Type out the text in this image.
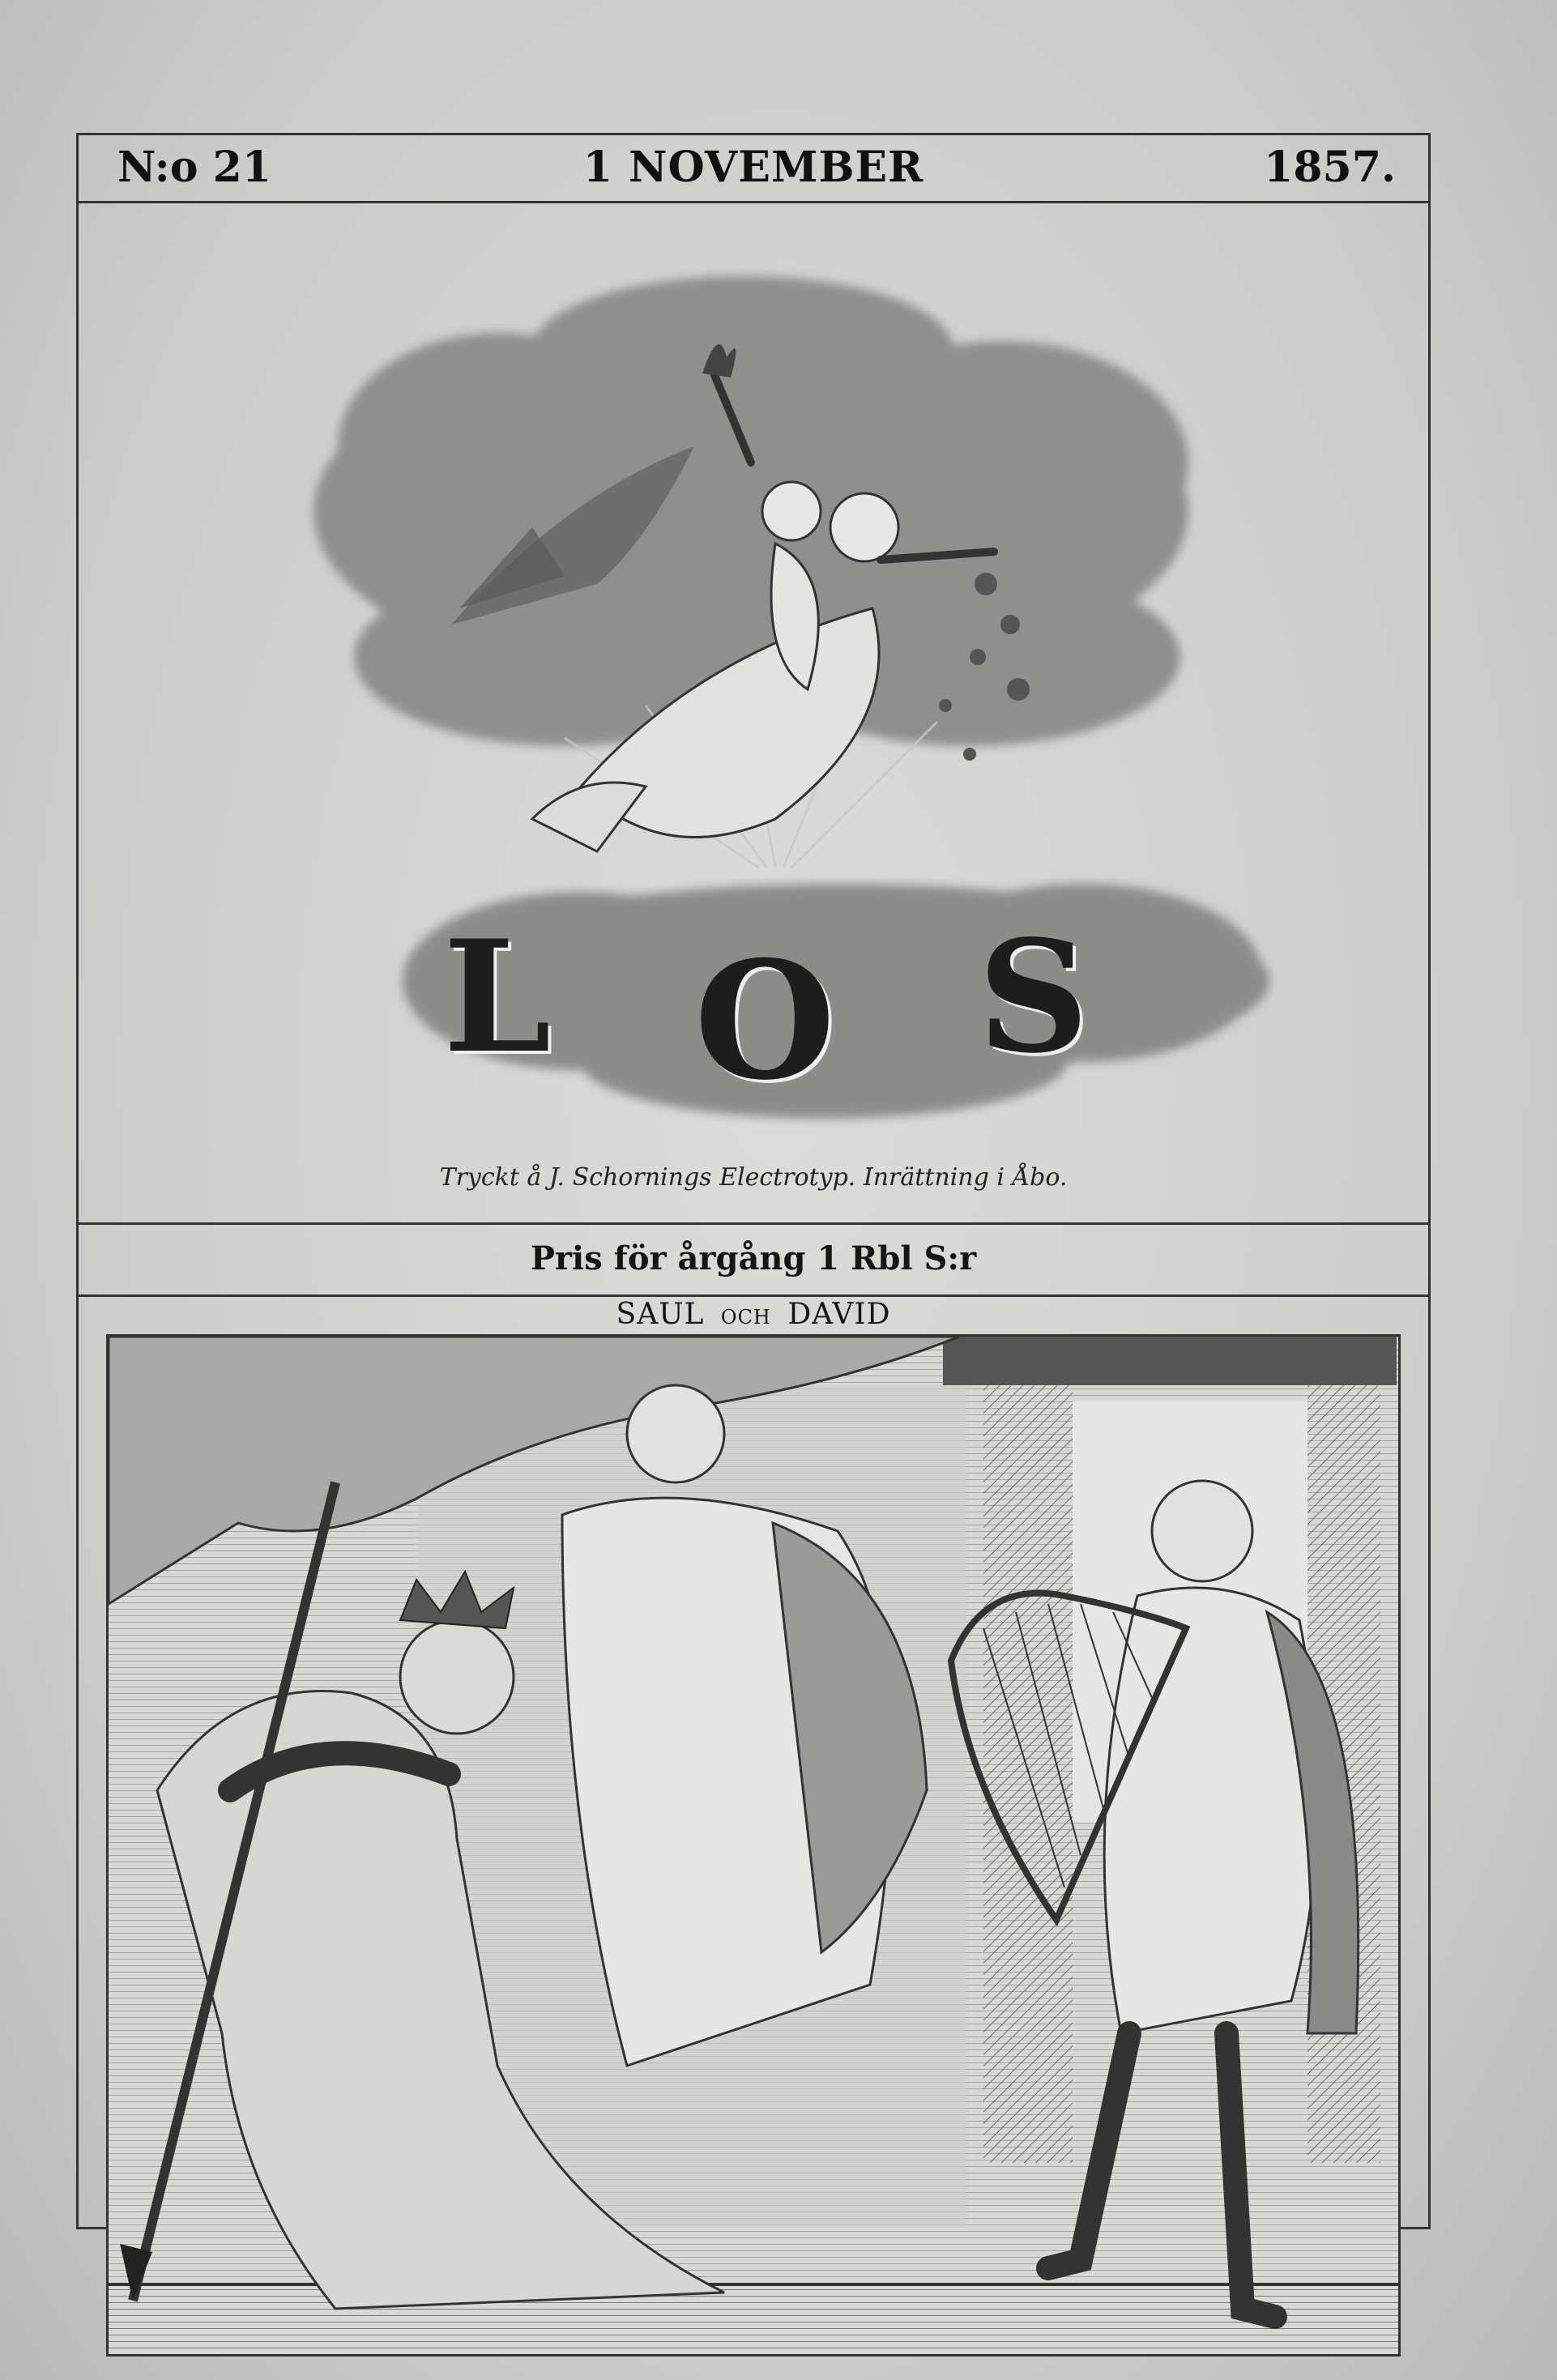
N:o 21	1 NOVEMBER	1857.
L O S
Tryckt å J. Schornings Electrotyp. Inrättning i Åbo.
Pris för årgång 1 Rbl S:r
SAUL OCH DAVID
